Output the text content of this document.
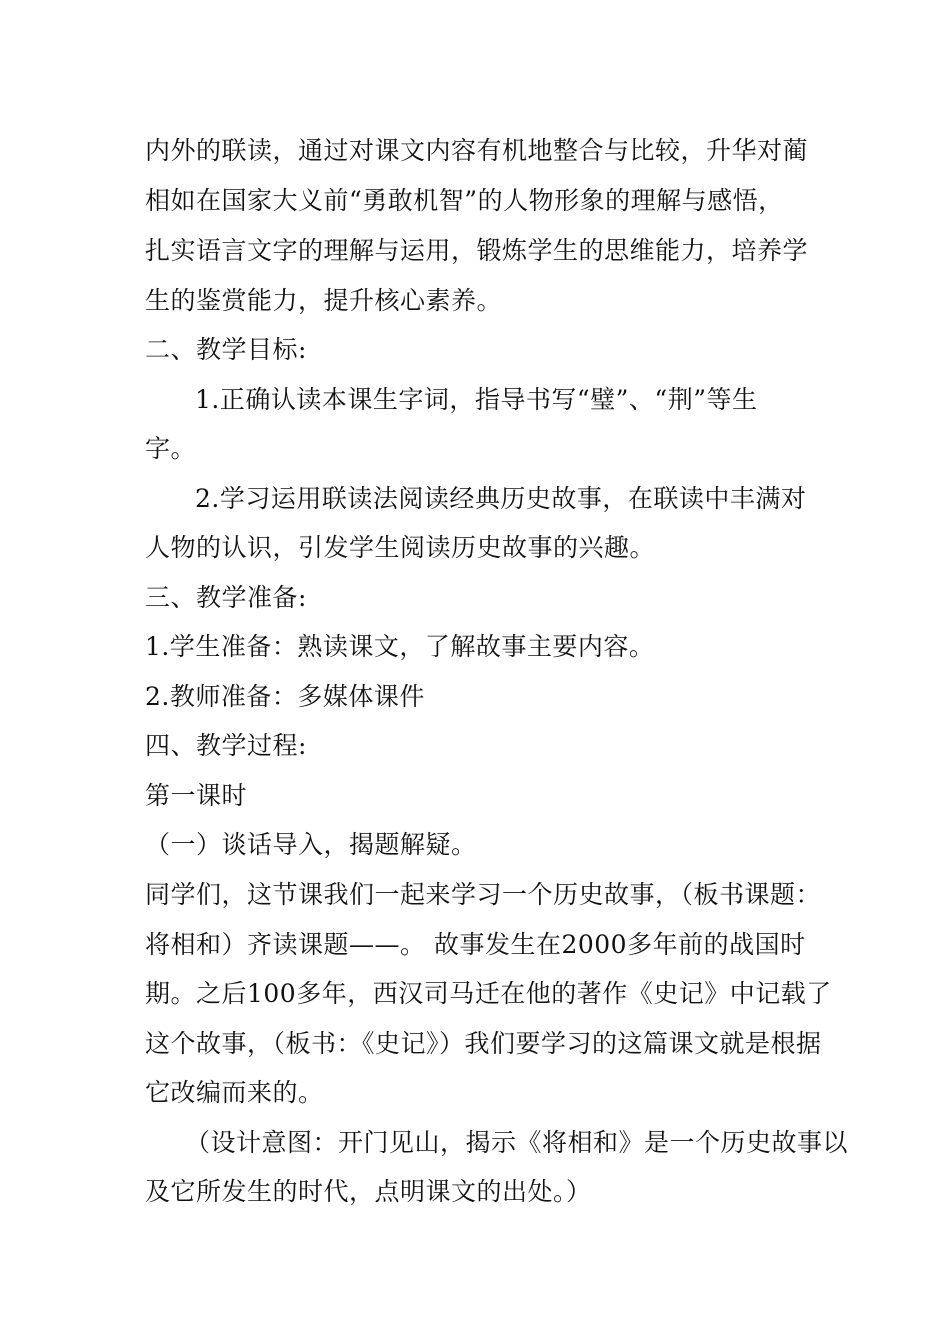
内外的联读，通过对课文内容有机地整合与比较，升华对蔺
相如在国家大义前“勇敢机智”的人物形象的理解与感悟，
扎实语言文字的理解与运用，锻炼学生的思维能力，培养学
生的鉴赏能力，提升核心素养。
二、教学目标:
1.正确认读本课生字词，指导书写“璧”、“荆”等生
字。
2.学习运用联读法阅读经典历史故事，在联读中丰满对
人物的认识，引发学生阅读历史故事的兴趣。
三、教学准备:
1.学生准备：熟读课文，了解故事主要内容。
2.教师准备：多媒体课件
四、教学过程:
第一课时
（一）谈话导入，揭题解疑。
同学们，这节课我们一起来学习一个历史故事，（板书课题：
将相和）齐读课题——。 故事发生在2000多年前的战国时
期。之后100多年，西汉司马迁在他的著作《史记》中记载了
这个故事，（板书：《史记》）我们要学习的这篇课文就是根据
它改编而来的。
（设计意图：开门见山，揭示《将相和》是一个历史故事以
及它所发生的时代，点明课文的出处。）
